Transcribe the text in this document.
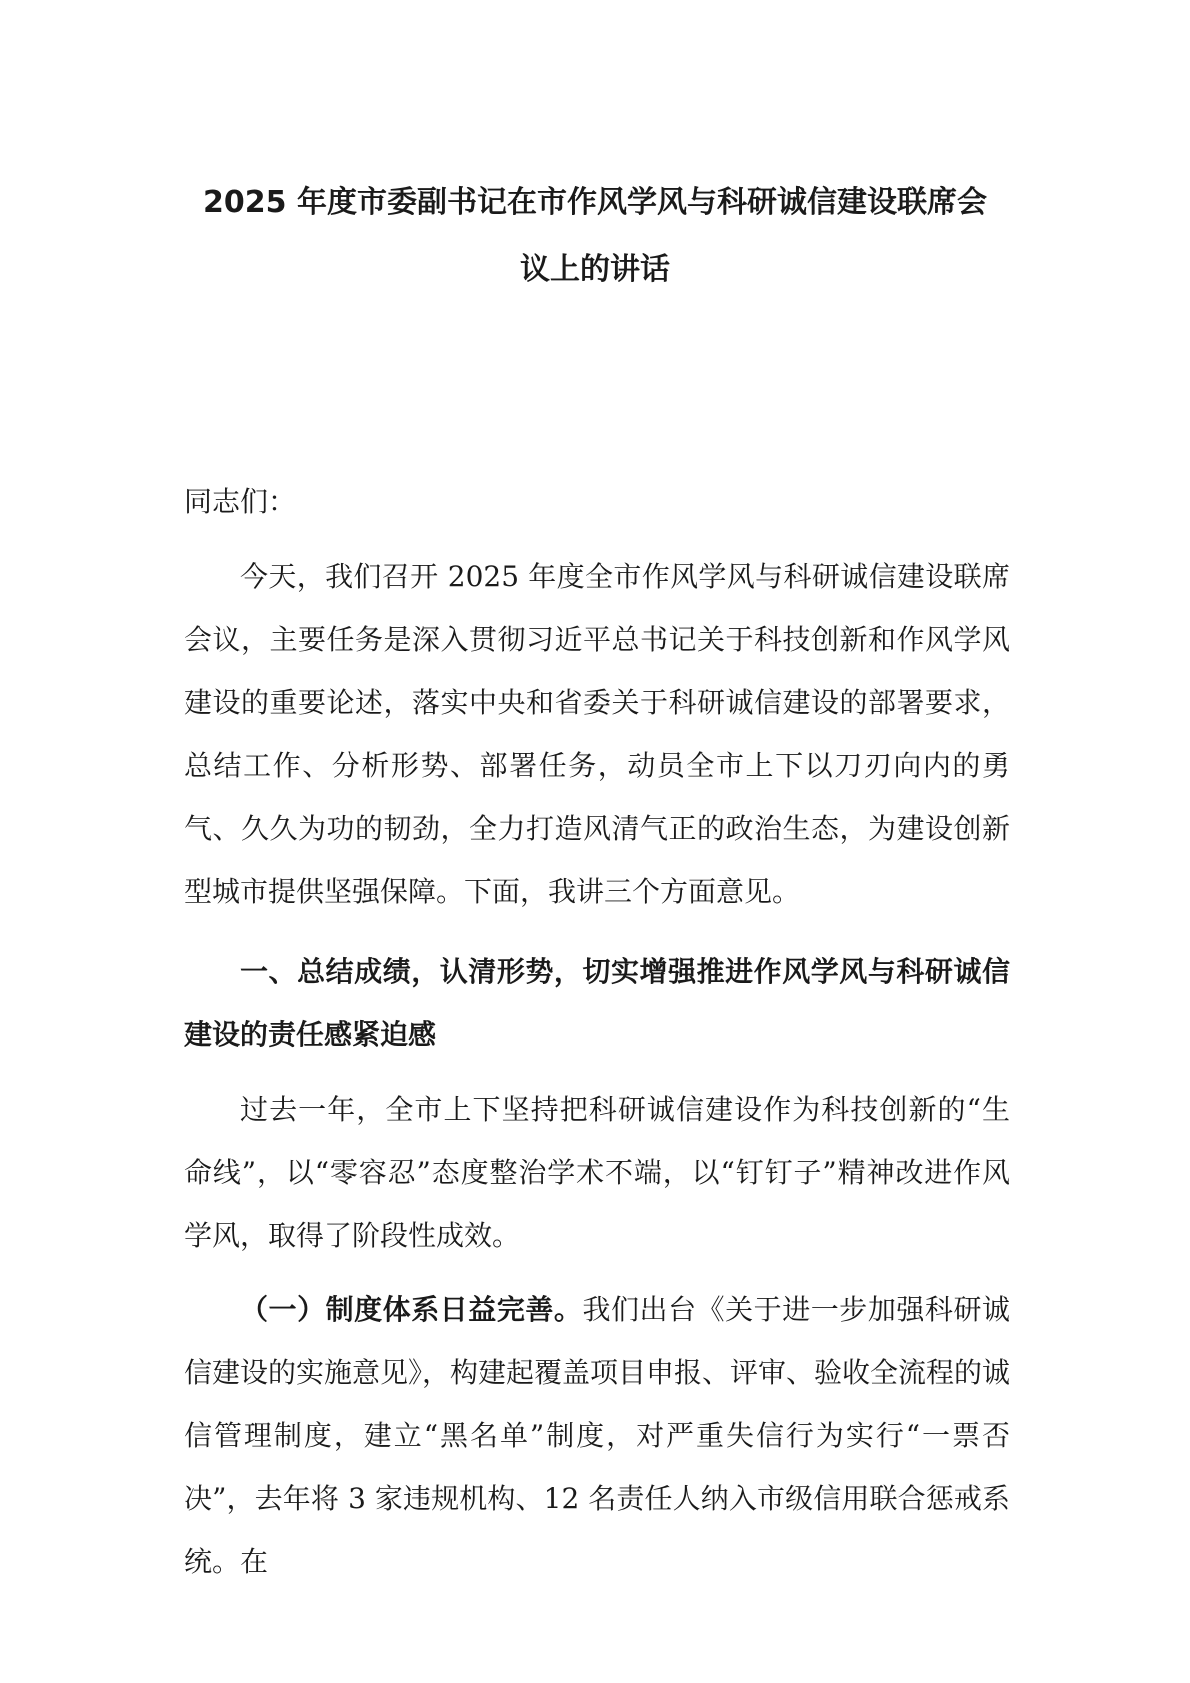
2025 年度市委副书记在市作风学风与科研诚信建设联席会
议上的讲话

同志们：

今天，我们召开 2025 年度全市作风学风与科研诚信建设联席会议，主要任务是深入贯彻习近平总书记关于科技创新和作风学风建设的重要论述，落实中央和省委关于科研诚信建设的部署要求，总结工作、分析形势、部署任务，动员全市上下以刀刃向内的勇气、久久为功的韧劲，全力打造风清气正的政治生态，为建设创新型城市提供坚强保障。下面，我讲三个方面意见。

一、总结成绩，认清形势，切实增强推进作风学风与科研诚信建设的责任感紧迫感

过去一年，全市上下坚持把科研诚信建设作为科技创新的“生命线”，以“零容忍”态度整治学术不端，以“钉钉子”精神改进作风学风，取得了阶段性成效。

（一）制度体系日益完善。我们出台《关于进一步加强科研诚信建设的实施意见》，构建起覆盖项目申报、评审、验收全流程的诚信管理制度，建立“黑名单”制度，对严重失信行为实行“一票否决”，去年将 3 家违规机构、12 名责任人纳入市级信用联合惩戒系统。在
